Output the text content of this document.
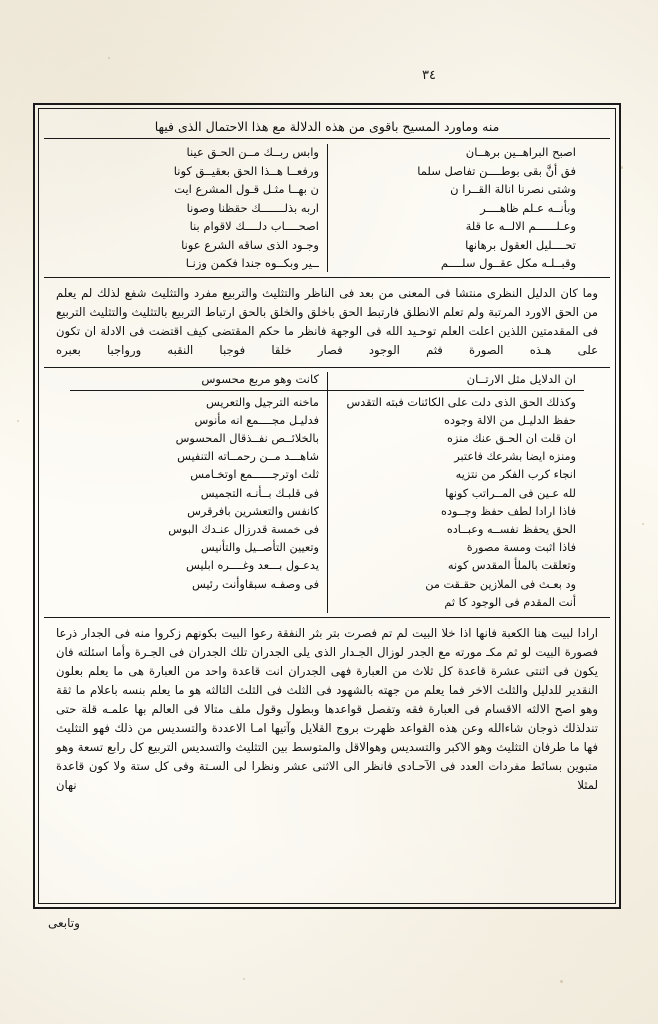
٣٤
منه وماورد المسيح باقوى من هذه الدلالة مع هذا الاحتمال الذى فيها
وابس ربــك مــن الحـق عينا
ورفعــا هــذا الحق بعقيــق كونا
ن بهــا مثـل قـول المشرع ايت
اربه بذلـــــــك حقظنا وصونا
اصحــــاب دلــــك لاقوام بنا
وجـود الذى ساقه الشرع عونا
ــير وبكــوه جندا فكمن وزنـا
اصبح البراهــين برهــان
فق أنَّ بقى بوطــــن تفاصل سلما
وشتى نصرنا انالة القــرا ن
وبأنــه عـلم ظاهــــر
وعـلــــــم الالــه عا قلة
تحــــليل العقول برهانها
وقبــلـه مكل عقــول سلــــم

وما كان الدليل النظرى منتشا فى المعنى من بعد فى الناظر والتثليث والتربيع مفرد والتثليث شفع لذلك لم يعلم من الحق الاورد المرتبة ولم تعلم الانطلق فارتبط الحق باخلق والخلق بالحق ارتباط التربيع بالتثليث والتثليث التربيع فى المقدمتين اللذين اعلت العلم توحـيد الله فى الوجهة فانظر ما حكم المقتضى كيف اقتضت فى الادلة ان تكون على هـذه الصورة فثم الوجود فصار خلقا فوجبا النقبه ورواجبا بعبره

كانت وهو مربع محسوس	ان الدلايل مثل الارتــان
ماخنه الترجيل والتعريس
فدليـل مجــــمع انه مأنوس
بالخلائــص نفــذقال المحسوس
شاهـــد مــن رحمــاته التنفيس
ثلث اوترجــــــمع اوتخـامس
فى قلبـك بــأنـه التجميس
كانفس والتعشرين بافرقرس
فى خمسة قدرزال عنـدك البوس
وتعيين التأصــيل والتأنيس
يدعـول بـــعد وغــــره ابليس
فى وصفـه سبقاوأنت رئيس
وكذلك الحق الذى دلت على الكائنات فبته التقدس
حفظ الدليـل من الالة وجوده
ان قلت ان الحـق عنك منزه
ومنزه ايضا بشرعك فاعتبر
انجاء كرب الفكر من نتزيه
لله عـين فى المــراتب كونها
فاذا ارادا لطف حفظ وجــوده
الحق يحفظ نفســه وعبــاده
فاذا اثبت ومسة مصورة
وتعلقت بالملأ المقدس كونه
ود بعـث فى الملازين حقـقت من
أنت المقدم فى الوجود كا ثم

ارادا لبيت هنا الكعبة فانها اذا خلا البيت لم تم فصرت بتر بثر النفقة رعوا البيت بكونهم زكروا منه فى الجدار ذرعا فصورة البيت لو ثم مكـ مورته مع الجدر لوزال الجـدار الذى يلى الجدران تلك الجدران فى الجـرة وأما اسئلته فان يكون فى اثنتى عشرة قاعدة كل ثلاث من العبارة فهى الجدران انت قاعدة واحد من العبارة هى ما يعلم بعلون النقدير للدليل والثلث الاخر فما يعلم من جهته بالشهود فى الثلث فى الثلث الثالثه هو ما يعلم بنسه باعلام ما ثقة وهو اصح الالثه الاقسام فى العبارة فقه وتفصل قواعدها وبطول وقول ملف متالا فى العالم بها علمـه قلة حتى تندلذلك ذوجان شاءالله وعن هذه القواعد ظهرت بروج القلايل وآتيها امـا الاعددة والتسديس من ذلك فهو التثليث فها ما طرفان التثليث وهو الاكبر والتسديس وهوالاقل والمتوسط بين التثليث والتسديس التربيع كل رابع تسعة وهو متبوين بسائط مفردات العدد فى الآحـادى فانظر الى الاثنى عشر ونظرا لى السـتة وفى كل ستة ولا كون قاعدة لمثلا نهان

وتابعى
